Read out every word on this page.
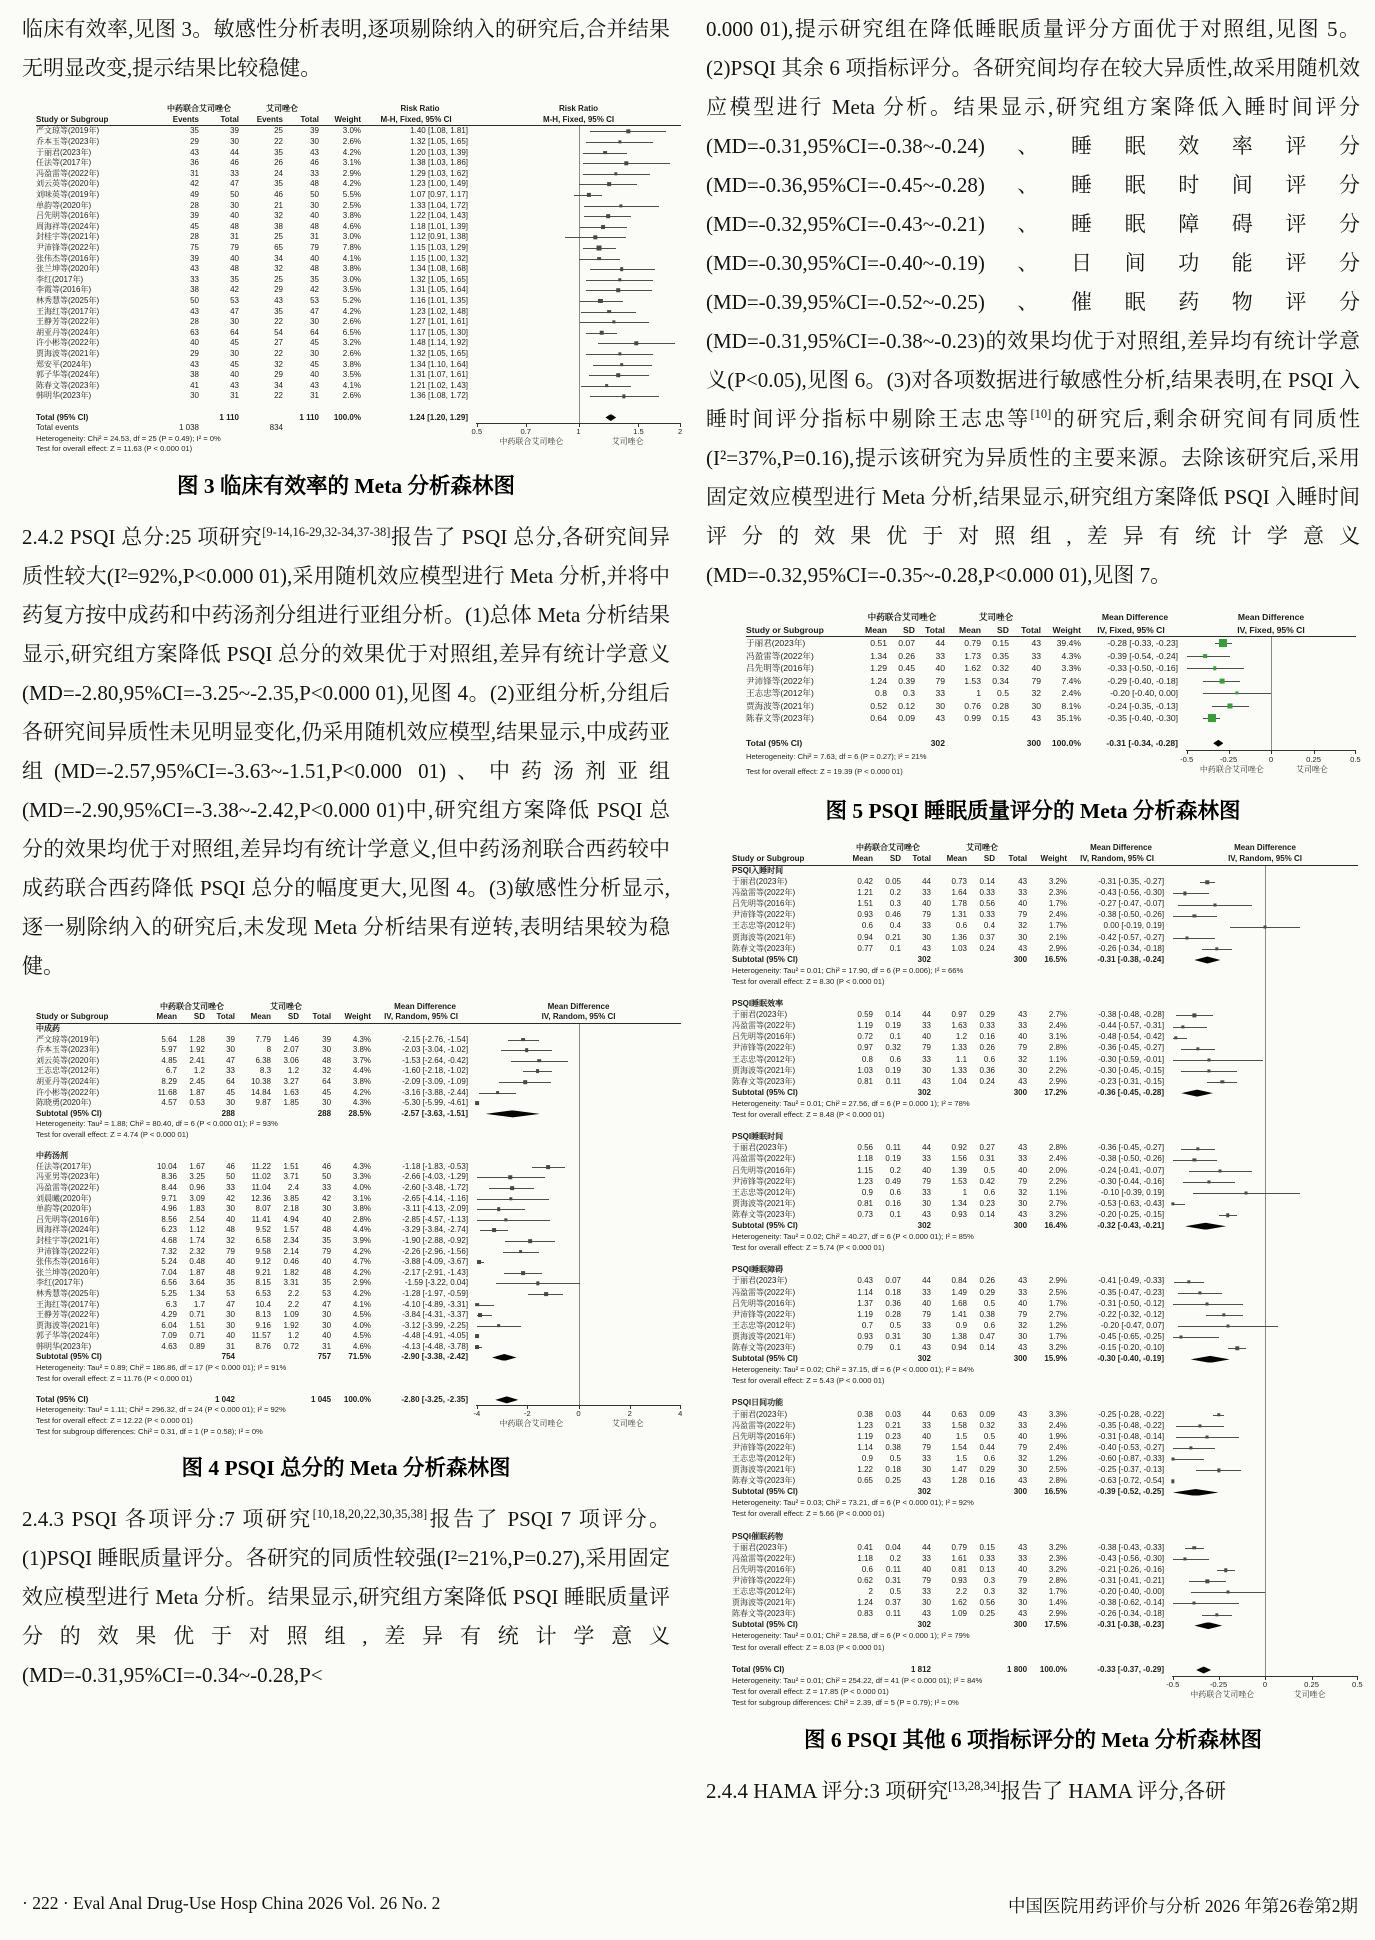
临床有效率,见图 3。敏感性分析表明,逐项剔除纳入的研究后,合并结果无明显改变,提示结果比较稳健。

	中药联合艾司唑仑		艾司唑仑			Risk Ratio	Risk Ratio
Study or Subgroup	Events	Total	Events	Total	Weight	M-H, Fixed, 95% CI	M-H, Fixed, 95% CI
严文琼等(2019年)	35	39	25	39	3.0%	1.40 [1.08, 1.81]	

乔本玉等(2023年)	29	30	22	30	2.6%	1.32 [1.05, 1.65]	

于丽君(2023年)	43	44	35	43	4.2%	1.20 [1.03, 1.39]	

任法等(2017年)	36	46	26	46	3.1%	1.38 [1.03, 1.86]	

冯盈雷等(2022年)	31	33	24	33	2.9%	1.29 [1.03, 1.62]	

刘云英等(2020年)	42	47	35	48	4.2%	1.23 [1.00, 1.49]	

刘味英等(2019年)	49	50	46	50	5.5%	1.07 [0.97, 1.17]	

单韵等(2020年)	28	30	21	30	2.5%	1.33 [1.04, 1.72]	

吕先明等(2016年)	39	40	32	40	3.8%	1.22 [1.04, 1.43]	

周海祥等(2024年)	45	48	38	48	4.6%	1.18 [1.01, 1.39]	

封桂宇等(2021年)	28	31	25	31	3.0%	1.12 [0.91, 1.38]	

尹沛锋等(2022年)	75	79	65	79	7.8%	1.15 [1.03, 1.29]	

张伟杰等(2016年)	39	40	34	40	4.1%	1.15 [1.00, 1.32]	

张兰坤等(2020年)	43	48	32	48	3.8%	1.34 [1.08, 1.68]	

李红(2017年)	33	35	25	35	3.0%	1.32 [1.05, 1.65]	

李霞等(2016年)	38	42	29	42	3.5%	1.31 [1.05, 1.64]	

林秀慧等(2025年)	50	53	43	53	5.2%	1.16 [1.01, 1.35]	

王海红等(2017年)	43	47	35	47	4.2%	1.23 [1.02, 1.48]	

王静芳等(2022年)	28	30	22	30	2.6%	1.27 [1.01, 1.61]	

胡亚丹等(2024年)	63	64	54	64	6.5%	1.17 [1.05, 1.30]	

许小彬等(2022年)	40	45	27	45	3.2%	1.48 [1.14, 1.92]	

贾海波等(2021年)	29	30	22	30	2.6%	1.32 [1.05, 1.65]	

郑安平(2024年)	43	45	32	45	3.8%	1.34 [1.10, 1.64]	

郭子华等(2024年)	38	40	29	40	3.5%	1.31 [1.07, 1.61]	

陈春文等(2023年)	41	43	34	43	4.1%	1.21 [1.02, 1.43]	

韩明华(2023年)	30	31	22	31	2.6%	1.36 [1.08, 1.72]	

Total (95% CI)		1 110		1 110	100.0%	1.24 [1.20, 1.29]	

Total events	1 038		834				0.5	0.7	1	1.5	2
中药联合艾司唑仑	艾司唑仑

Heterogeneity: Chi² = 24.53, df = 25 (P = 0.49); I² = 0%							
Test for overall effect: Z = 11.63 (P < 0.000 01)							
图 3 临床有效率的 Meta 分析森林图

2.4.2 PSQI 总分:25 项研究[9-14,16-29,32-34,37-38]报告了 PSQI 总分,各研究间异质性较大(I²=92%,P<0.000 01),采用随机效应模型进行 Meta 分析,并将中药复方按中成药和中药汤剂分组进行亚组分析。(1)总体 Meta 分析结果显示,研究组方案降低 PSQI 总分的效果优于对照组,差异有统计学意义(MD=-2.80,95%CI=-3.25~-2.35,P<0.000 01),见图 4。(2)亚组分析,分组后各研究间异质性未见明显变化,仍采用随机效应模型,结果显示,中成药亚组(MD=-2.57,95%CI=-3.63~-1.51,P<0.000 01)、中药汤剂亚组(MD=-2.90,95%CI=-3.38~-2.42,P<0.000 01)中,研究组方案降低 PSQI 总分的效果均优于对照组,差异均有统计学意义,但中药汤剂联合西药较中成药联合西药降低 PSQI 总分的幅度更大,见图 4。(3)敏感性分析显示,逐一剔除纳入的研究后,未发现 Meta 分析结果有逆转,表明结果较为稳健。

	中药联合艾司唑仑			艾司唑仑				Mean Difference	Mean Difference
Study or Subgroup	Mean	SD	Total	Mean	SD	Total	Weight	IV, Random, 95% CI	IV, Random, 95% CI
中成药									

严文琼等(2019年)	5.64	1.28	39	7.79	1.46	39	4.3%	-2.15 [-2.76, -1.54]	

乔本玉等(2023年)	5.97	1.92	30	8	2.07	30	3.8%	-2.03 [-3.04, -1.02]	

刘云英等(2020年)	4.85	2.41	47	6.38	3.06	48	3.7%	-1.53 [-2.64, -0.42]	

王志忠等(2012年)	6.7	1.2	33	8.3	1.2	32	4.4%	-1.60 [-2.18, -1.02]	

胡亚丹等(2024年)	8.29	2.45	64	10.38	3.27	64	3.8%	-2.09 [-3.09, -1.09]	

许小彬等(2022年)	11.68	1.87	45	14.84	1.63	45	4.2%	-3.16 [-3.88, -2.44]	

陈晓勇(2020年)	4.57	0.53	30	9.87	1.85	30	4.3%	-5.30 [-5.99, -4.61]	

Subtotal (95% CI)			288			288	28.5%	-2.57 [-3.63, -1.51]	

Heterogeneity: Tau² = 1.88; Chi² = 80.40, df = 6 (P < 0.000 01); I² = 93%									

Test for overall effect: Z = 4.74 (P < 0.000 01)									

中药汤剂									

任法等(2017年)	10.04	1.67	46	11.22	1.51	46	4.3%	-1.18 [-1.83, -0.53]	

冯亚男等(2023年)	8.36	3.25	50	11.02	3.71	50	3.3%	-2.66 [-4.03, -1.29]	

冯盈雷等(2022年)	8.44	0.96	33	11.04	2.4	33	4.0%	-2.60 [-3.48, -1.72]	

刘晨曦(2020年)	9.71	3.09	42	12.36	3.85	42	3.1%	-2.65 [-4.14, -1.16]	

单韵等(2020年)	4.96	1.83	30	8.07	2.18	30	3.8%	-3.11 [-4.13, -2.09]	

吕先明等(2016年)	8.56	2.54	40	11.41	4.94	40	2.8%	-2.85 [-4.57, -1.13]	

周海祥等(2024年)	6.23	1.12	48	9.52	1.57	48	4.4%	-3.29 [-3.84, -2.74]	

封桂宇等(2021年)	4.68	1.74	32	6.58	2.34	35	3.9%	-1.90 [-2.88, -0.92]	

尹沛锋等(2022年)	7.32	2.32	79	9.58	2.14	79	4.2%	-2.26 [-2.96, -1.56]	

张伟杰等(2016年)	5.24	0.48	40	9.12	0.46	40	4.7%	-3.88 [-4.09, -3.67]	

张兰坤等(2020年)	7.04	1.87	48	9.21	1.82	48	4.2%	-2.17 [-2.91, -1.43]	

李红(2017年)	6.56	3.64	35	8.15	3.31	35	2.9%	-1.59 [-3.22, 0.04]	

林秀慧等(2025年)	5.25	1.34	53	6.53	2.2	53	4.2%	-1.28 [-1.97, -0.59]	

王海红等(2017年)	6.3	1.7	47	10.4	2.2	47	4.1%	-4.10 [-4.89, -3.31]	

王静芳等(2022年)	4.29	0.71	30	8.13	1.09	30	4.5%	-3.84 [-4.31, -3.37]	

贾海波等(2021年)	6.04	1.51	30	9.16	1.92	30	4.0%	-3.12 [-3.99, -2.25]	

郭子华等(2024年)	7.09	0.71	40	11.57	1.2	40	4.5%	-4.48 [-4.91, -4.05]	

韩明华(2023年)	4.63	0.89	31	8.76	0.72	31	4.6%	-4.13 [-4.48, -3.78]	

Subtotal (95% CI)			754			757	71.5%	-2.90 [-3.38, -2.42]	

Heterogeneity: Tau² = 0.89; Chi² = 186.86, df = 17 (P < 0.000 01); I² = 91%									

Test for overall effect: Z = 11.76 (P < 0.000 01)									

Total (95% CI)			1 042			1 045	100.0%	-2.80 [-3.25, -2.35]	

Heterogeneity: Tau² = 1.11; Chi² = 296.32, df = 24 (P < 0.000 01); I² = 92%	-4	-2	0	2	4
中药联合艾司唑仑	艾司唑仑

Test for overall effect: Z = 12.22 (P < 0.000 01)									
Test for subgroup differences: Chi² = 0.31, df = 1 (P = 0.58); I² = 0%									
图 4 PSQI 总分的 Meta 分析森林图

2.4.3 PSQI 各项评分:7 项研究[10,18,20,22,30,35,38]报告了 PSQI 7 项评分。(1)PSQI 睡眠质量评分。各研究的同质性较强(I²=21%,P=0.27),采用固定效应模型进行 Meta 分析。结果显示,研究组方案降低 PSQI 睡眠质量评分的效果优于对照组,差异有统计学意义(MD=-0.31,95%CI=-0.34~-0.28,P<

0.000 01),提示研究组在降低睡眠质量评分方面优于对照组,见图 5。(2)PSQI 其余 6 项指标评分。各研究间均存在较大异质性,故采用随机效应模型进行 Meta 分析。结果显示,研究组方案降低入睡时间评分(MD=-0.31,95%CI=-0.38~-0.24)、睡眠效率评分(MD=-0.36,95%CI=-0.45~-0.28)、睡眠时间评分(MD=-0.32,95%CI=-0.43~-0.21)、睡眠障碍评分(MD=-0.30,95%CI=-0.40~-0.19)、日间功能评分(MD=-0.39,95%CI=-0.52~-0.25)、催眠药物评分(MD=-0.31,95%CI=-0.38~-0.23)的效果均优于对照组,差异均有统计学意义(P<0.05),见图 6。(3)对各项数据进行敏感性分析,结果表明,在 PSQI 入睡时间评分指标中剔除王志忠等[10]的研究后,剩余研究间有同质性(I²=37%,P=0.16),提示该研究为异质性的主要来源。去除该研究后,采用固定效应模型进行 Meta 分析,结果显示,研究组方案降低 PSQI 入睡时间评分的效果优于对照组,差异有统计学意义(MD=-0.32,95%CI=-0.35~-0.28,P<0.000 01),见图 7。

	中药联合艾司唑仑			艾司唑仑				Mean Difference	Mean Difference
Study or Subgroup	Mean	SD	Total	Mean	SD	Total	Weight	IV, Fixed, 95% CI	IV, Fixed, 95% CI
于丽君(2023年)	0.51	0.07	44	0.79	0.15	43	39.4%	-0.28 [-0.33, -0.23]	

冯盈雷等(2022年)	1.34	0.26	33	1.73	0.35	33	4.3%	-0.39 [-0.54, -0.24]	

吕先明等(2016年)	1.29	0.45	40	1.62	0.32	40	3.3%	-0.33 [-0.50, -0.16]	

尹沛锋等(2022年)	1.24	0.39	79	1.53	0.34	79	7.4%	-0.29 [-0.40, -0.18]	

王志忠等(2012年)	0.8	0.3	33	1	0.5	32	2.4%	-0.20 [-0.40, 0.00]	

贾海波等(2021年)	0.52	0.12	30	0.76	0.28	30	8.1%	-0.24 [-0.35, -0.13]	

陈春文等(2023年)	0.64	0.09	43	0.99	0.15	43	35.1%	-0.35 [-0.40, -0.30]	

Total (95% CI)			302			300	100.0%	-0.31 [-0.34, -0.28]	

Heterogeneity: Chi² = 7.63, df = 6 (P = 0.27); I² = 21%	-0.5	-0.25	0	0.25	0.5
中药联合艾司唑仑	艾司唑仑

Test for overall effect: Z = 19.39 (P < 0.000 01)									
图 5 PSQI 睡眠质量评分的 Meta 分析森林图
	中药联合艾司唑仑			艾司唑仑				Mean Difference	Mean Difference
Study or Subgroup	Mean	SD	Total	Mean	SD	Total	Weight	IV, Random, 95% CI	IV, Random, 95% CI
PSQI入睡时间									

于丽君(2023年)	0.42	0.05	44	0.73	0.14	43	3.2%	-0.31 [-0.35, -0.27]	

冯盈雷等(2022年)	1.21	0.2	33	1.64	0.33	33	2.3%	-0.43 [-0.56, -0.30]	

吕先明等(2016年)	1.51	0.3	40	1.78	0.56	40	1.7%	-0.27 [-0.47, -0.07]	

尹沛锋等(2022年)	0.93	0.46	79	1.31	0.33	79	2.4%	-0.38 [-0.50, -0.26]	

王志忠等(2012年)	0.6	0.4	33	0.6	0.4	32	1.7%	0.00 [-0.19, 0.19]	

贾海波等(2021年)	0.94	0.21	30	1.36	0.37	30	2.1%	-0.42 [-0.57, -0.27]	

陈春文等(2023年)	0.77	0.1	43	1.03	0.24	43	2.9%	-0.26 [-0.34, -0.18]	

Subtotal (95% CI)			302			300	16.5%	-0.31 [-0.38, -0.24]	

Heterogeneity: Tau² = 0.01; Chi² = 17.90, df = 6 (P = 0.006); I² = 66%									

Test for overall effect: Z = 8.30 (P < 0.000 01)									

PSQI睡眠效率									

于丽君(2023年)	0.59	0.14	44	0.97	0.29	43	2.7%	-0.38 [-0.48, -0.28]	

冯盈雷等(2022年)	1.19	0.19	33	1.63	0.33	33	2.4%	-0.44 [-0.57, -0.31]	

吕先明等(2016年)	0.72	0.1	40	1.2	0.16	40	3.1%	-0.48 [-0.54, -0.42]	

尹沛锋等(2022年)	0.97	0.32	79	1.33	0.26	79	2.8%	-0.36 [-0.45, -0.27]	

王志忠等(2012年)	0.8	0.6	33	1.1	0.6	32	1.1%	-0.30 [-0.59, -0.01]	

贾海波等(2021年)	1.03	0.19	30	1.33	0.36	30	2.2%	-0.30 [-0.45, -0.15]	

陈春文等(2023年)	0.81	0.11	43	1.04	0.24	43	2.9%	-0.23 [-0.31, -0.15]	

Subtotal (95% CI)			302			300	17.2%	-0.36 [-0.45, -0.28]	

Heterogeneity: Tau² = 0.01; Chi² = 27.56, df = 6 (P = 0.000 1); I² = 78%									

Test for overall effect: Z = 8.48 (P < 0.000 01)									

PSQI睡眠时间									

于丽君(2023年)	0.56	0.11	44	0.92	0.27	43	2.8%	-0.36 [-0.45, -0.27]	

冯盈雷等(2022年)	1.18	0.19	33	1.56	0.31	33	2.4%	-0.38 [-0.50, -0.26]	

吕先明等(2016年)	1.15	0.2	40	1.39	0.5	40	2.0%	-0.24 [-0.41, -0.07]	

尹沛锋等(2022年)	1.23	0.49	79	1.53	0.42	79	2.2%	-0.30 [-0.44, -0.16]	

王志忠等(2012年)	0.9	0.6	33	1	0.6	32	1.1%	-0.10 [-0.39, 0.19]	

贾海波等(2021年)	0.81	0.16	30	1.34	0.23	30	2.7%	-0.53 [-0.63, -0.43]	

陈春文等(2023年)	0.73	0.1	43	0.93	0.14	43	3.2%	-0.20 [-0.25, -0.15]	

Subtotal (95% CI)			302			300	16.4%	-0.32 [-0.43, -0.21]	

Heterogeneity: Tau² = 0.02; Chi² = 40.27, df = 6 (P < 0.000 01); I² = 85%									

Test for overall effect: Z = 5.74 (P < 0.000 01)									

PSQI睡眠障碍									

于丽君(2023年)	0.43	0.07	44	0.84	0.26	43	2.9%	-0.41 [-0.49, -0.33]	

冯盈雷等(2022年)	1.14	0.18	33	1.49	0.29	33	2.5%	-0.35 [-0.47, -0.23]	

吕先明等(2016年)	1.37	0.36	40	1.68	0.5	40	1.7%	-0.31 [-0.50, -0.12]	

尹沛锋等(2022年)	1.19	0.28	79	1.41	0.38	79	2.7%	-0.22 [-0.32, -0.12]	

王志忠等(2012年)	0.7	0.5	33	0.9	0.6	32	1.2%	-0.20 [-0.47, 0.07]	

贾海波等(2021年)	0.93	0.31	30	1.38	0.47	30	1.7%	-0.45 [-0.65, -0.25]	

陈春文等(2023年)	0.79	0.1	43	0.94	0.14	43	3.2%	-0.15 [-0.20, -0.10]	

Subtotal (95% CI)			302			300	15.9%	-0.30 [-0.40, -0.19]	

Heterogeneity: Tau² = 0.02; Chi² = 37.15, df = 6 (P < 0.000 01); I² = 84%									

Test for overall effect: Z = 5.43 (P < 0.000 01)									

PSQI日间功能									

于丽君(2023年)	0.38	0.03	44	0.63	0.09	43	3.3%	-0.25 [-0.28, -0.22]	

冯盈雷等(2022年)	1.23	0.21	33	1.58	0.32	33	2.4%	-0.35 [-0.48, -0.22]	

吕先明等(2016年)	1.19	0.23	40	1.5	0.5	40	1.9%	-0.31 [-0.48, -0.14]	

尹沛锋等(2022年)	1.14	0.38	79	1.54	0.44	79	2.4%	-0.40 [-0.53, -0.27]	

王志忠等(2012年)	0.9	0.5	33	1.5	0.6	32	1.2%	-0.60 [-0.87, -0.33]	

贾海波等(2021年)	1.22	0.18	30	1.47	0.29	30	2.5%	-0.25 [-0.37, -0.13]	

陈春文等(2023年)	0.65	0.25	43	1.28	0.16	43	2.8%	-0.63 [-0.72, -0.54]	

Subtotal (95% CI)			302			300	16.5%	-0.39 [-0.52, -0.25]	

Heterogeneity: Tau² = 0.03; Chi² = 73.21, df = 6 (P < 0.000 01); I² = 92%									

Test for overall effect: Z = 5.66 (P < 0.000 01)									

PSQI催眠药物									

于丽君(2023年)	0.41	0.04	44	0.79	0.15	43	3.2%	-0.38 [-0.43, -0.33]	

冯盈雷等(2022年)	1.18	0.2	33	1.61	0.33	33	2.3%	-0.43 [-0.56, -0.30]	

吕先明等(2016年)	0.6	0.11	40	0.81	0.13	40	3.2%	-0.21 [-0.26, -0.16]	

尹沛锋等(2022年)	0.62	0.31	79	0.93	0.3	79	2.8%	-0.31 [-0.41, -0.21]	

王志忠等(2012年)	2	0.5	33	2.2	0.3	32	1.7%	-0.20 [-0.40, -0.00]	

贾海波等(2021年)	1.24	0.37	30	1.62	0.56	30	1.4%	-0.38 [-0.62, -0.14]	

陈春文等(2023年)	0.83	0.11	43	1.09	0.25	43	2.9%	-0.26 [-0.34, -0.18]	

Subtotal (95% CI)			302			300	17.5%	-0.31 [-0.38, -0.23]	

Heterogeneity: Tau² = 0.01; Chi² = 28.58, df = 6 (P < 0.000 1); I² = 79%									

Test for overall effect: Z = 8.03 (P < 0.000 01)									

Total (95% CI)			1 812			1 800	100.0%	-0.33 [-0.37, -0.29]	

Heterogeneity: Tau² = 0.01; Chi² = 254.22, df = 41 (P < 0.000 01); I² = 84%	-0.5	-0.25	0	0.25	0.5
中药联合艾司唑仑	艾司唑仑

Test for overall effect: Z = 17.85 (P < 0.000 01)									
Test for subgroup differences: Chi² = 2.39, df = 5 (P = 0.79); I² = 0%									
图 6 PSQI 其他 6 项指标评分的 Meta 分析森林图

2.4.4 HAMA 评分:3 项研究[13,28,34]报告了 HAMA 评分,各研

· 222 · Eval Anal Drug-Use Hosp China 2026 Vol. 26 No. 2	中国医院用药评价与分析 2026 年第26卷第2期
